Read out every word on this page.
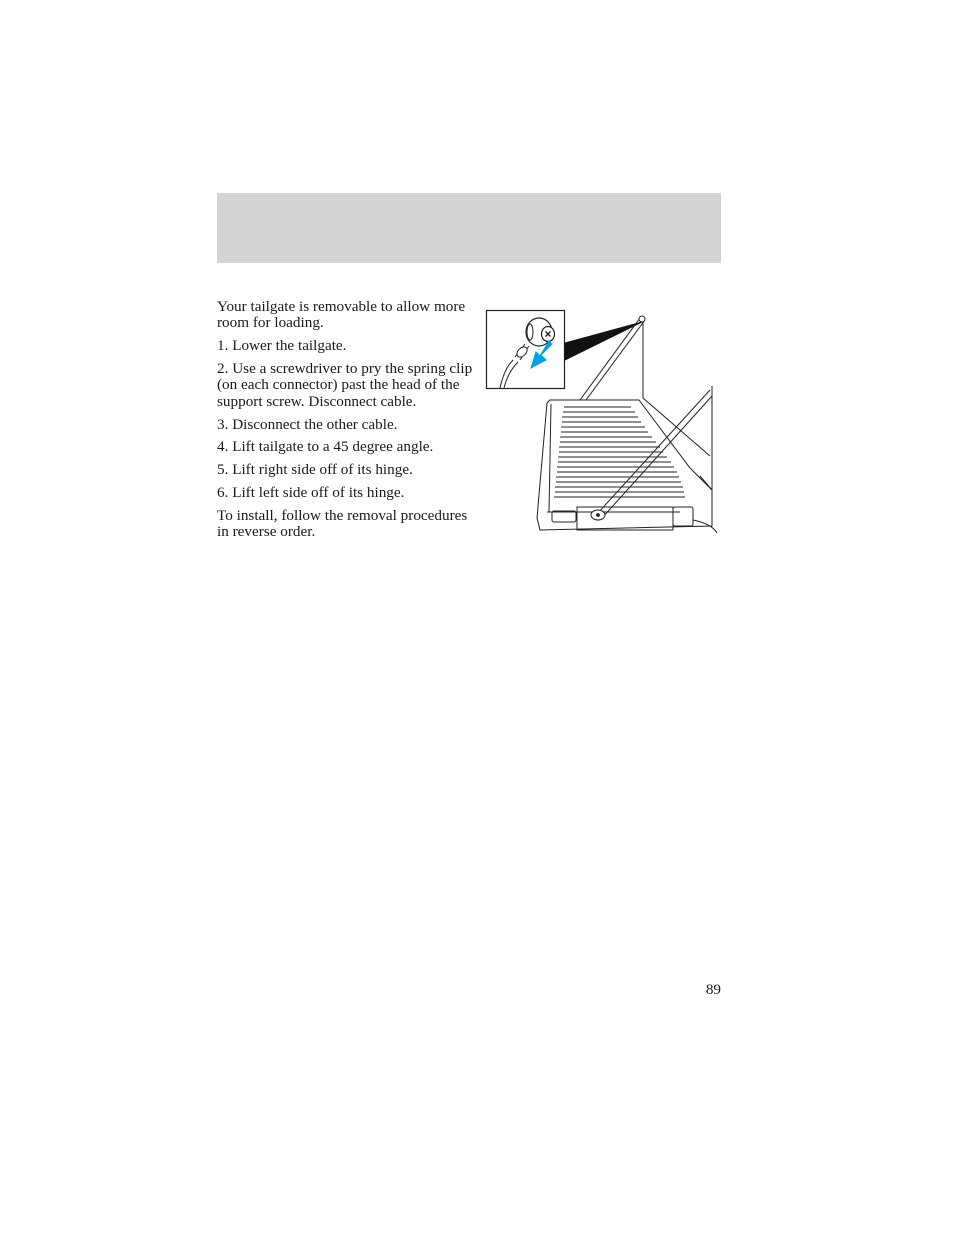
Your tailgate is removable to allow more room for loading.

1. Lower the tailgate.

2. Use a screwdriver to pry the spring clip (on each connector) past the head of the support screw. Disconnect cable.

3. Disconnect the other cable.

4. Lift tailgate to a 45 degree angle.

5. Lift right side off of its hinge.

6. Lift left side off of its hinge.

To install, follow the removal procedures in reverse order.

89
